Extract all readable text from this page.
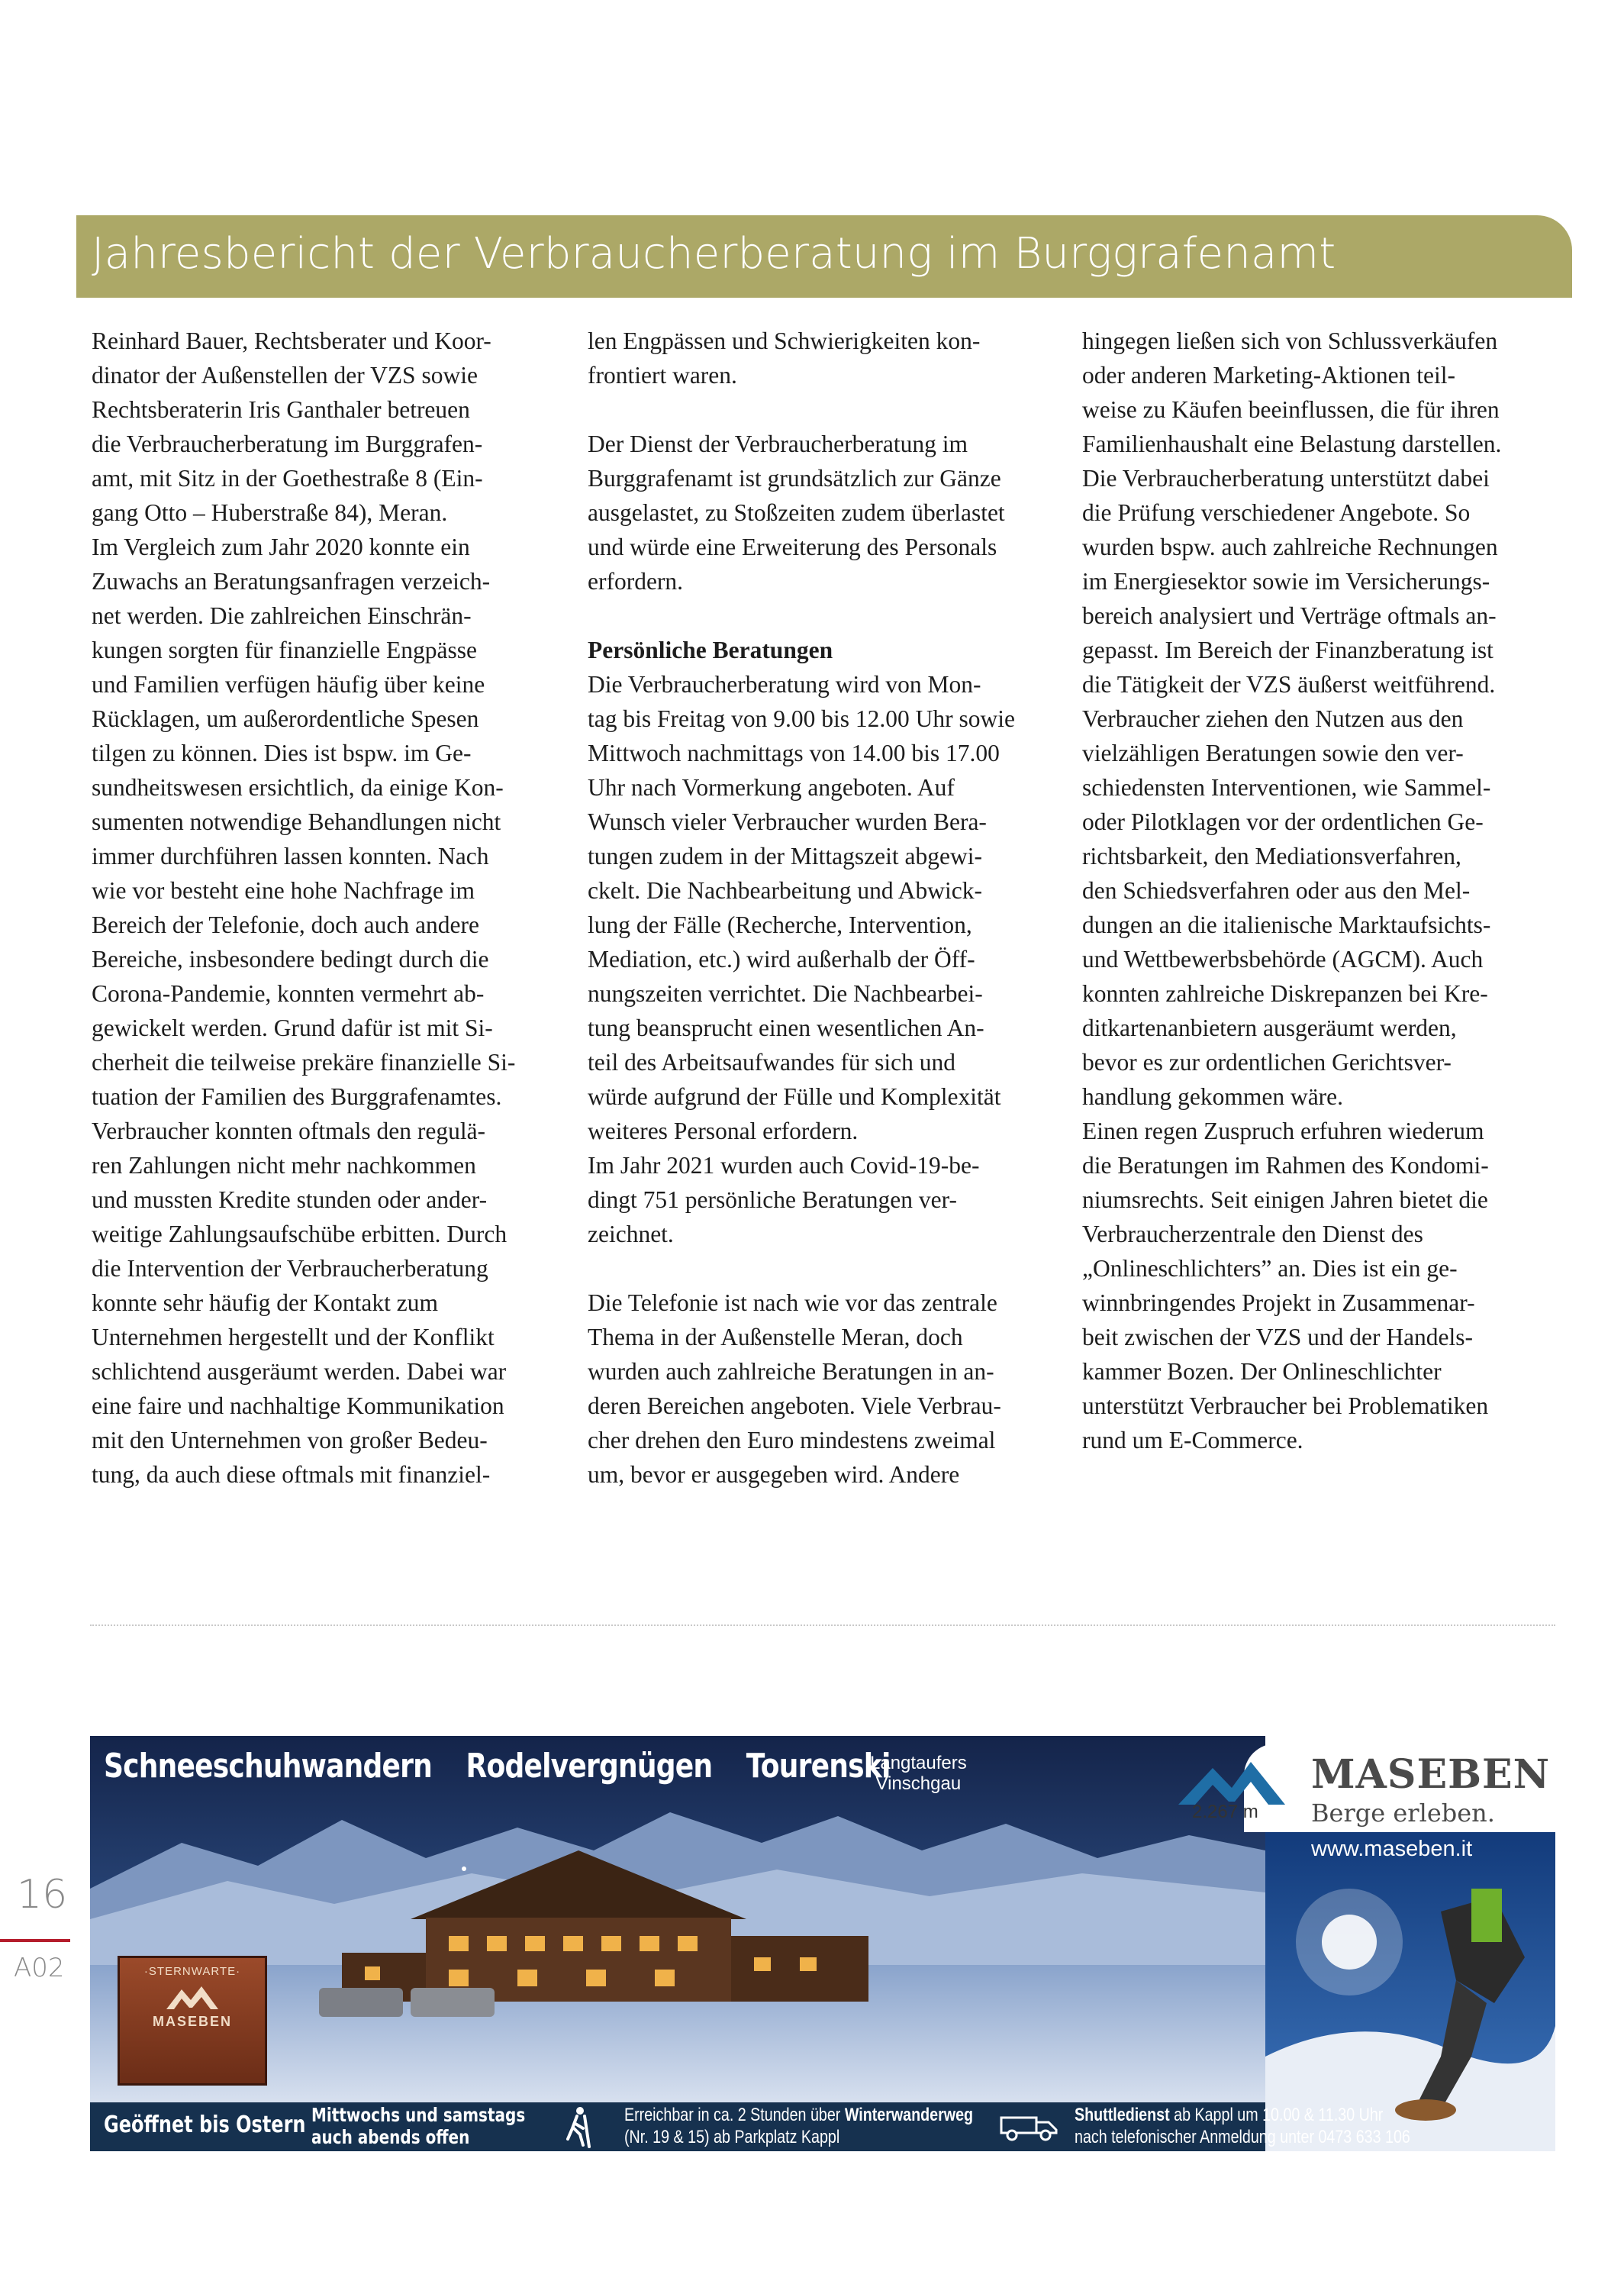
Jahresbericht der Verbraucherberatung im Burggrafenamt

Reinhard Bauer, Rechtsberater und Koor-

dinator der Außenstellen der VZS sowie

Rechtsberaterin Iris Ganthaler betreuen

die Verbraucherberatung im Burggrafen-

amt, mit Sitz in der Goethestraße 8 (Ein-

gang Otto – Huberstraße 84), Meran.

Im Vergleich zum Jahr 2020 konnte ein

Zuwachs an Beratungsanfragen verzeich-

net werden. Die zahlreichen Einschrän-

kungen sorgten für finanzielle Engpässe

und Familien verfügen häufig über keine

Rücklagen, um außerordentliche Spesen

tilgen zu können. Dies ist bspw. im Ge-

sundheitswesen ersichtlich, da einige Kon-

sumenten notwendige Behandlungen nicht

immer durchführen lassen konnten. Nach

wie vor besteht eine hohe Nachfrage im

Bereich der Telefonie, doch auch andere

Bereiche, insbesondere bedingt durch die

Corona-Pandemie, konnten vermehrt ab-

gewickelt werden. Grund dafür ist mit Si-

cherheit die teilweise prekäre finanzielle Si-

tuation der Familien des Burggrafenamtes.

Verbraucher konnten oftmals den regulä-

ren Zahlungen nicht mehr nachkommen

und mussten Kredite stunden oder ander-

weitige Zahlungsaufschübe erbitten. Durch

die Intervention der Verbraucherberatung

konnte sehr häufig der Kontakt zum

Unternehmen hergestellt und der Konflikt

schlichtend ausgeräumt werden. Dabei war

eine faire und nachhaltige Kommunikation

mit den Unternehmen von großer Bedeu-

tung, da auch diese oftmals mit finanziel-

len Engpässen und Schwierigkeiten kon-

frontiert waren.

Der Dienst der Verbraucherberatung im

Burggrafenamt ist grundsätzlich zur Gänze

ausgelastet, zu Stoßzeiten zudem überlastet

und würde eine Erweiterung des Personals

erfordern.

Persönliche Beratungen

Die Verbraucherberatung wird von Mon-

tag bis Freitag von 9.00 bis 12.00 Uhr sowie

Mittwoch nachmittags von 14.00 bis 17.00

Uhr nach Vormerkung angeboten. Auf

Wunsch vieler Verbraucher wurden Bera-

tungen zudem in der Mittagszeit abgewi-

ckelt. Die Nachbearbeitung und Abwick-

lung der Fälle (Recherche, Intervention,

Mediation, etc.) wird außerhalb der Öff-

nungszeiten verrichtet. Die Nachbearbei-

tung beansprucht einen wesentlichen An-

teil des Arbeitsaufwandes für sich und

würde aufgrund der Fülle und Komplexität

weiteres Personal erfordern.

Im Jahr 2021 wurden auch Covid-19-be-

dingt 751 persönliche Beratungen ver-

zeichnet.

Die Telefonie ist nach wie vor das zentrale

Thema in der Außenstelle Meran, doch

wurden auch zahlreiche Beratungen in an-

deren Bereichen angeboten. Viele Verbrau-

cher drehen den Euro mindestens zweimal

um, bevor er ausgegeben wird. Andere

hingegen ließen sich von Schlussverkäufen

oder anderen Marketing-Aktionen teil-

weise zu Käufen beeinflussen, die für ihren

Familienhaushalt eine Belastung darstellen.

Die Verbraucherberatung unterstützt dabei

die Prüfung verschiedener Angebote. So

wurden bspw. auch zahlreiche Rechnungen

im Energiesektor sowie im Versicherungs-

bereich analysiert und Verträge oftmals an-

gepasst. Im Bereich der Finanzberatung ist

die Tätigkeit der VZS äußerst weitführend.

Verbraucher ziehen den Nutzen aus den

vielzähligen Beratungen sowie den ver-

schiedensten Interventionen, wie Sammel-

oder Pilotklagen vor der ordentlichen Ge-

richtsbarkeit, den Mediationsverfahren,

den Schiedsverfahren oder aus den Mel-

dungen an die italienische Marktaufsichts-

und Wettbewerbsbehörde (AGCM). Auch

konnten zahlreiche Diskrepanzen bei Kre-

ditkartenanbietern ausgeräumt werden,

bevor es zur ordentlichen Gerichtsver-

handlung gekommen wäre.

Einen regen Zuspruch erfuhren wiederum

die Beratungen im Rahmen des Kondomi-

niumsrechts. Seit einigen Jahren bietet die

Verbraucherzentrale den Dienst des

„Onlineschlichters” an. Dies ist ein ge-

winnbringendes Projekt in Zusammenar-

beit zwischen der VZS und der Handels-

kammer Bozen. Der Onlineschlichter

unterstützt Verbraucher bei Problematiken

rund um E-Commerce.

16
A02
Schneeschuhwandern Rodelvergnügen Tourenski
Langtaufers
Vinschgau	MASEBEN
Berge erleben.
2.267 m
www.maseben.it
·STERNWARTE·
MASEBEN
Geöffnet bis Ostern Mittwochs und samstags
auch abends offen
Erreichbar in ca. 2 Stunden über Winterwanderweg
(Nr. 19 & 15) ab Parkplatz Kappl
Shuttledienst ab Kappl um 10.00 & 11.30 Uhr
nach telefonischer Anmeldung unter 0473 633 106
